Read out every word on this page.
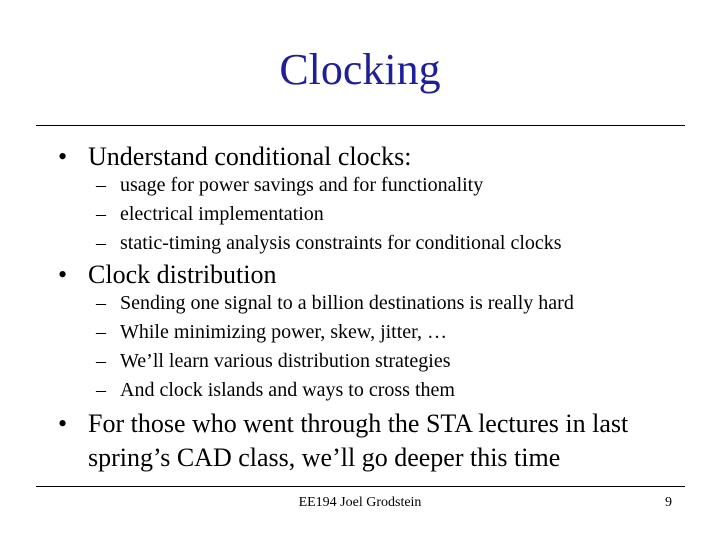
Clocking
• Understand conditional clocks:
– usage for power savings and for functionality
– electrical implementation
– static-timing analysis constraints for conditional clocks
• Clock distribution
– Sending one signal to a billion destinations is really hard
– While minimizing power, skew, jitter, …
– We’ll learn various distribution strategies
– And clock islands and ways to cross them
• For those who went through the STA lectures in last
spring’s CAD class, we’ll go deeper this time
EE194 Joel Grodstein	9
